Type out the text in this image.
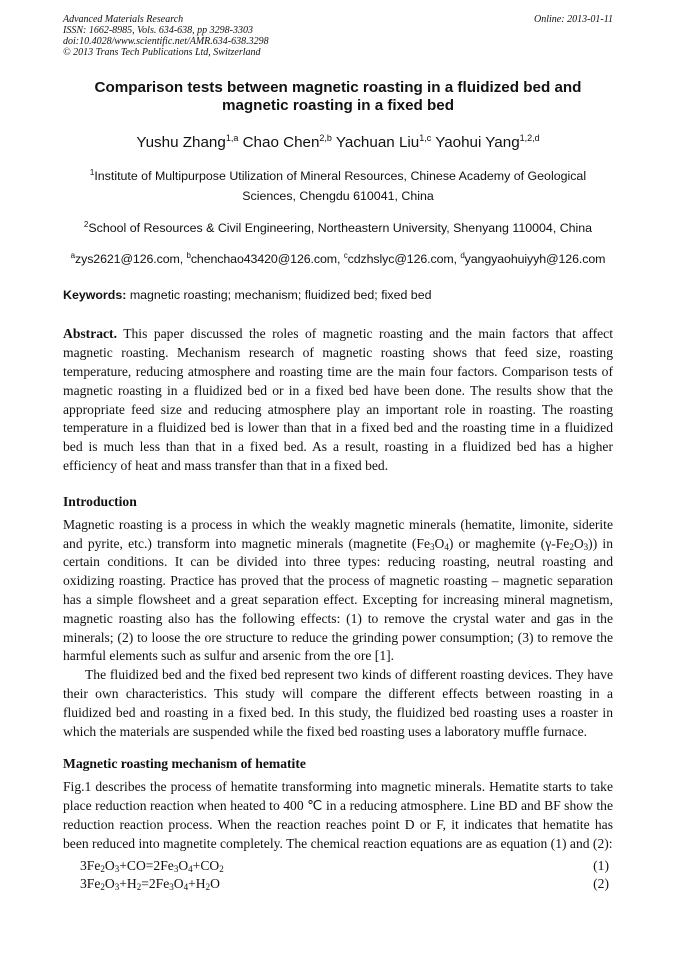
Advanced Materials Research
ISSN: 1662-8985, Vols. 634-638, pp 3298-3303
doi:10.4028/www.scientific.net/AMR.634-638.3298
© 2013 Trans Tech Publications Ltd, Switzerland
Online: 2013-01-11
Comparison tests between magnetic roasting in a fluidized bed and
magnetic roasting in a fixed bed
Yushu Zhang$^{1,a}$ Chao Chen$^{2,b}$ Yachuan Liu$^{1,c}$ Yaohui Yang$^{1,2,d}$
$^1$Institute of Multipurpose Utilization of Mineral Resources, Chinese Academy of Geological
Sciences, Chengdu 610041, China
$^2$School of Resources & Civil Engineering, Northeastern University, Shenyang 110004, China
$^a$zys2621@126.com, $^b$chenchao43420@126.com, $^c$cdzhslyc@126.com, $^d$yangyaohuiyyh@126.com
Keywords: magnetic roasting; mechanism; fluidized bed; fixed bed
Abstract. This paper discussed the roles of magnetic roasting and the main factors that affect magnetic roasting. Mechanism research of magnetic roasting shows that feed size, roasting temperature, reducing atmosphere and roasting time are the main four factors. Comparison tests of magnetic roasting in a fluidized bed or in a fixed bed have been done. The results show that the appropriate feed size and reducing atmosphere play an important role in roasting. The roasting temperature in a fluidized bed is lower than that in a fixed bed and the roasting time in a fluidized bed is much less than that in a fixed bed. As a result, roasting in a fluidized bed has a higher efficiency of heat and mass transfer than that in a fixed bed.
Introduction
Magnetic roasting is a process in which the weakly magnetic minerals (hematite, limonite, siderite and pyrite, etc.) transform into magnetic minerals (magnetite $(Fe_3O_4)$ or maghemite $(\gamma-Fe_2O_3)$) in certain conditions. It can be divided into three types: reducing roasting, neutral roasting and oxidizing roasting. Practice has proved that the process of magnetic roasting – magnetic separation has a simple flowsheet and a great separation effect. Excepting for increasing mineral magnetism, magnetic roasting also has the following effects: (1) to remove the crystal water and gas in the minerals; (2) to loose the ore structure to reduce the grinding power consumption; (3) to remove the harmful elements such as sulfur and arsenic from the ore [1].
The fluidized bed and the fixed bed represent two kinds of different roasting devices. They have their own characteristics. This study will compare the different effects between roasting in a fluidized bed and roasting in a fixed bed. In this study, the fluidized bed roasting uses a roaster in which the materials are suspended while the fixed bed roasting uses a laboratory muffle furnace.
Magnetic roasting mechanism of hematite
Fig.1 describes the process of hematite transforming into magnetic minerals. Hematite starts to take place reduction reaction when heated to 400 ℃ in a reducing atmosphere. Line BD and BF show the reduction reaction process. When the reaction reaches point D or F, it indicates that hematite has been reduced into magnetite completely. The chemical reaction equations are as equation (1) and (2):
$3Fe_2O_3+CO=2Fe_3O_4+CO_2$	(1)
$3Fe_2O_3+H_2=2Fe_3O_4+H_2O$	(2)
